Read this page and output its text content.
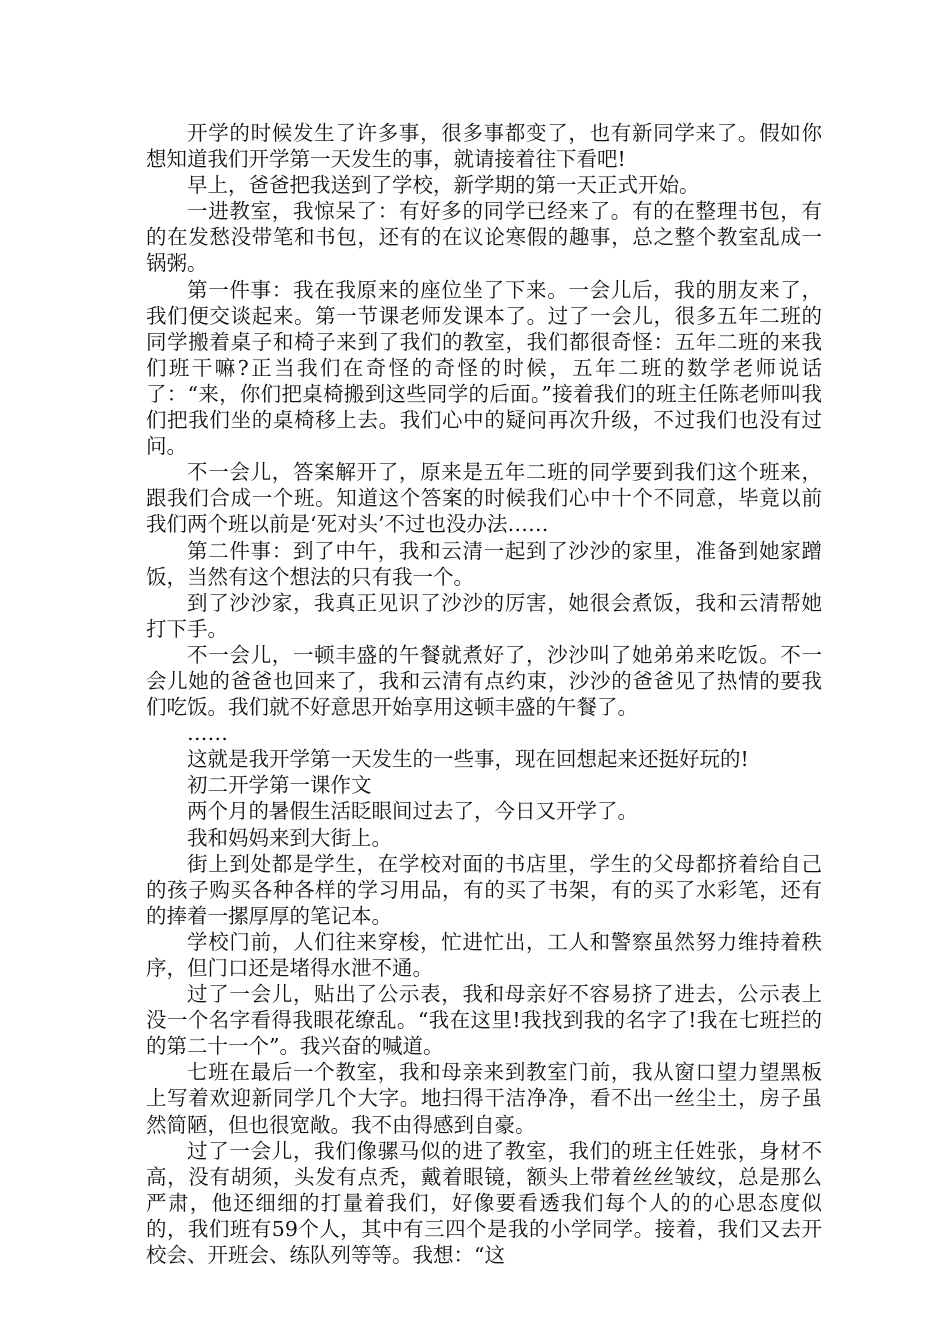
开学的时候发生了许多事，很多事都变了，也有新同学来了。假如你想知道我们开学第一天发生的事，就请接着往下看吧!

早上，爸爸把我送到了学校，新学期的第一天正式开始。

一进教室，我惊呆了：有好多的同学已经来了。有的在整理书包，有的在发愁没带笔和书包，还有的在议论寒假的趣事，总之整个教室乱成一锅粥。

第一件事：我在我原来的座位坐了下来。一会儿后，我的朋友来了，我们便交谈起来。第一节课老师发课本了。过了一会儿，很多五年二班的同学搬着桌子和椅子来到了我们的教室，我们都很奇怪：五年二班的来我们班干嘛?正当我们在奇怪的奇怪的时候，五年二班的数学老师说话了：“来，你们把桌椅搬到这些同学的后面。”接着我们的班主任陈老师叫我们把我们坐的桌椅移上去。我们心中的疑问再次升级，不过我们也没有过问。

不一会儿，答案解开了，原来是五年二班的同学要到我们这个班来，跟我们合成一个班。知道这个答案的时候我们心中十个不同意，毕竟以前我们两个班以前是‘死对头’不过也没办法……

第二件事：到了中午，我和云清一起到了沙沙的家里，准备到她家蹭饭，当然有这个想法的只有我一个。

到了沙沙家，我真正见识了沙沙的厉害，她很会煮饭，我和云清帮她打下手。

不一会儿，一顿丰盛的午餐就煮好了，沙沙叫了她弟弟来吃饭。不一会儿她的爸爸也回来了，我和云清有点约束，沙沙的爸爸见了热情的要我们吃饭。我们就不好意思开始享用这顿丰盛的午餐了。

……

这就是我开学第一天发生的一些事，现在回想起来还挺好玩的!

初二开学第一课作文

两个月的暑假生活眨眼间过去了，今日又开学了。

我和妈妈来到大街上。

街上到处都是学生，在学校对面的书店里，学生的父母都挤着给自己的孩子购买各种各样的学习用品，有的买了书架，有的买了水彩笔，还有的捧着一摞厚厚的笔记本。

学校门前，人们往来穿梭，忙进忙出，工人和警察虽然努力维持着秩序，但门口还是堵得水泄不通。

过了一会儿，贴出了公示表，我和母亲好不容易挤了进去，公示表上没一个名字看得我眼花缭乱。“我在这里!我找到我的名字了!我在七班拦的的第二十一个”。我兴奋的喊道。

七班在最后一个教室，我和母亲来到教室门前，我从窗口望力望黑板上写着欢迎新同学几个大字。地扫得干洁净净，看不出一丝尘土，房子虽然简陋，但也很宽敞。我不由得感到自豪。

过了一会儿，我们像骡马似的进了教室，我们的班主任姓张，身材不高，没有胡须，头发有点秃，戴着眼镜，额头上带着丝丝皱纹，总是那么严肃，他还细细的打量着我们，好像要看透我们每个人的的心思态度似的，我们班有59个人，其中有三四个是我的小学同学。接着，我们又去开校会、开班会、练队列等等。我想：“这
